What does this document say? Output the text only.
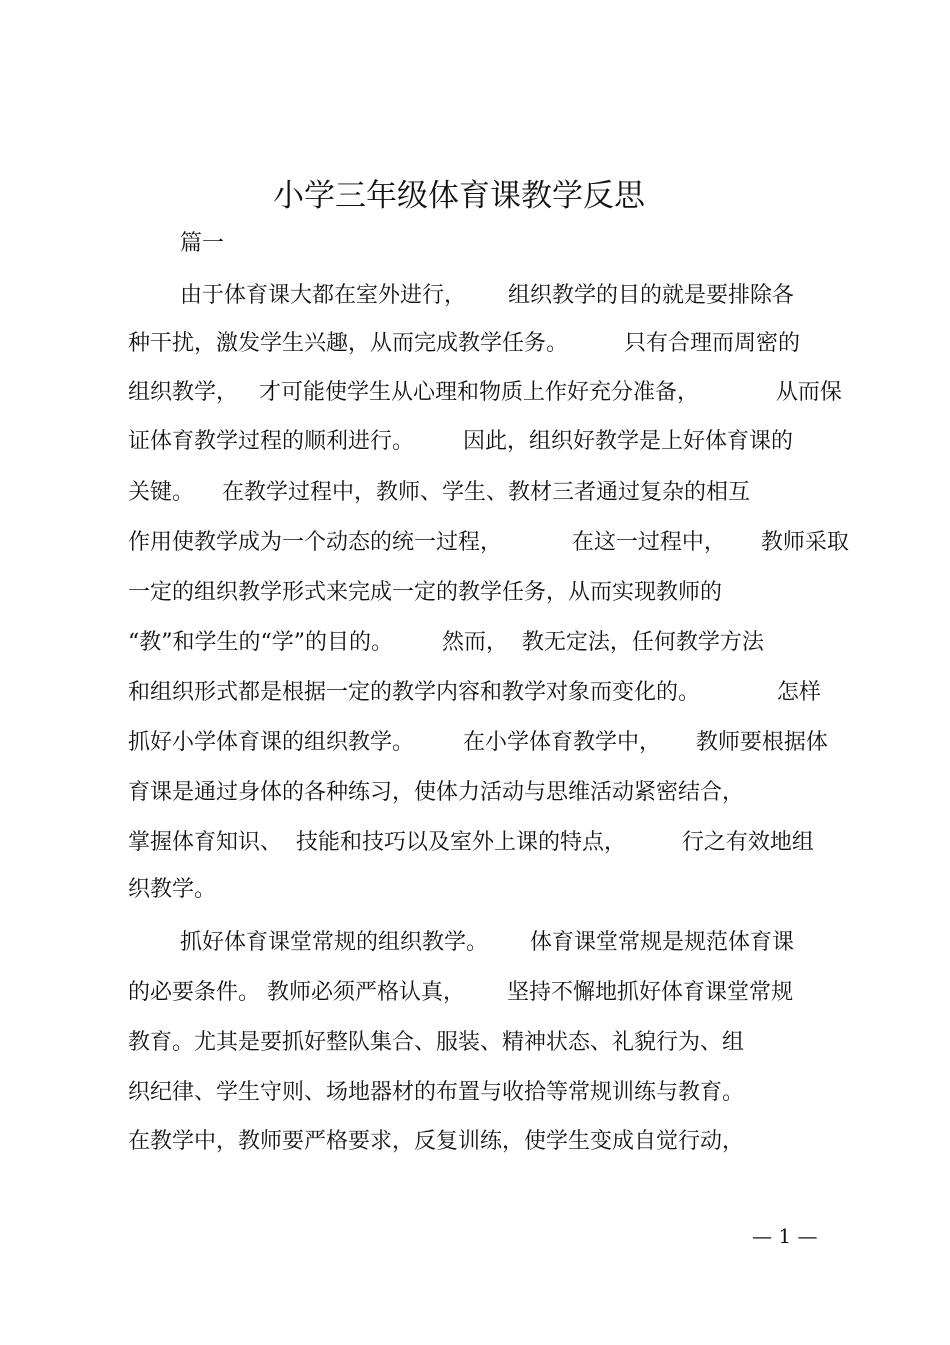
小学三年级体育课教学反思
篇一
由于体育课大都在室外进行，      组织教学的目的就是要排除各
种干扰，激发学生兴趣，从而完成教学任务。        只有合理而周密的
组织教学，   才可能使学生从心理和物质上作好充分准备，           从而保
证体育教学过程的顺利进行。       因此，组织好教学是上好体育课的
关键。    在教学过程中，教师、学生、教材三者通过复杂的相互
作用使教学成为一个动态的统一过程，          在这一过程中，     教师采取
一定的组织教学形式来完成一定的教学任务，从而实现教师的
“教”和学生的“学”的目的。       然而，  教无定法，任何教学方法
和组织形式都是根据一定的教学内容和教学对象而变化的。           怎样
抓好小学体育课的组织教学。       在小学体育教学中，     教师要根据体
育课是通过身体的各种练习，使体力活动与思维活动紧密结合，
掌握体育知识、  技能和技巧以及室外上课的特点，        行之有效地组
织教学。
抓好体育课堂常规的组织教学。      体育课堂常规是规范体育课
的必要条件。 教师必须严格认真，      坚持不懈地抓好体育课堂常规
教育。尤其是要抓好整队集合、服装、精神状态、礼貌行为、组
织纪律、学生守则、场地器材的布置与收拾等常规训练与教育。
在教学中，教师要严格要求，反复训练，使学生变成自觉行动，
— 1 —
